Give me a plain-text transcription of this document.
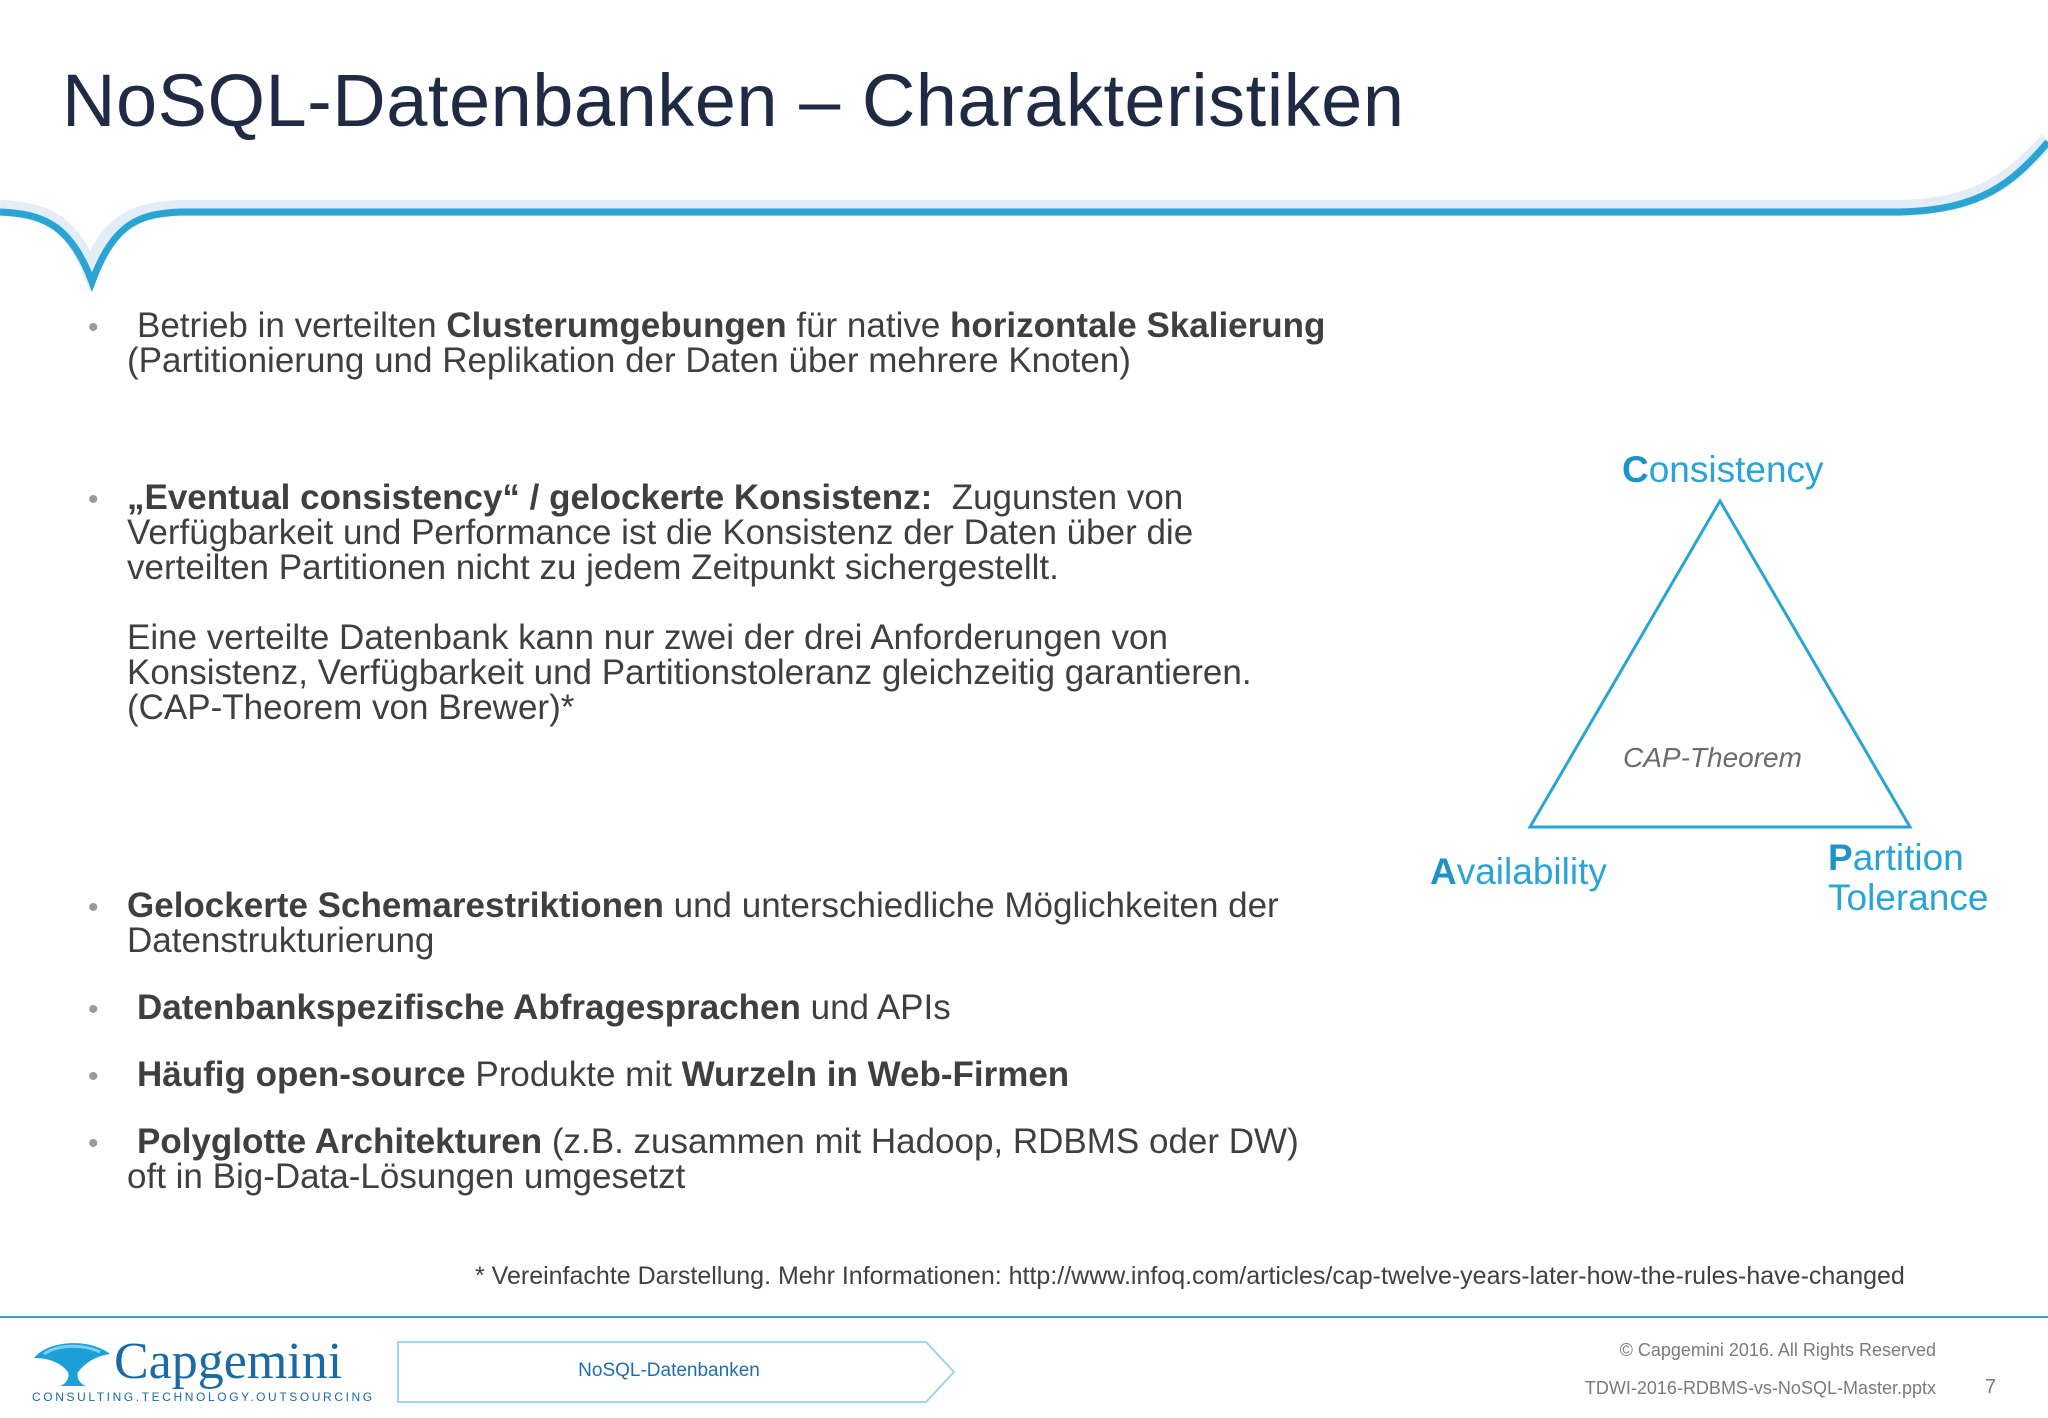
NoSQL-Datenbanken – Charakteristiken
• Betrieb in verteilten Clusterumgebungen für native horizontale Skalierung
(Partitionierung und Replikation der Daten über mehrere Knoten)
• „Eventual consistency“ / gelockerte Konsistenz:  Zugunsten von
Verfügbarkeit und Performance ist die Konsistenz der Daten über die
verteilten Partitionen nicht zu jedem Zeitpunkt sichergestellt.
Eine verteilte Datenbank kann nur zwei der drei Anforderungen von
Konsistenz, Verfügbarkeit und Partitionstoleranz gleichzeitig garantieren.
(CAP-Theorem von Brewer)*
• Gelockerte Schemarestriktionen und unterschiedliche Möglichkeiten der
Datenstrukturierung
• Datenbankspezifische Abfragesprachen und APIs
• Häufig open-source Produkte mit Wurzeln in Web-Firmen
• Polyglotte Architekturen (z.B. zusammen mit Hadoop, RDBMS oder DW)
oft in Big-Data-Lösungen umgesetzt
Consistency
Availability	Partition
Tolerance
CAP-Theorem
* Vereinfachte Darstellung. Mehr Informationen: http://www.infoq.com/articles/cap-twelve-years-later-how-the-rules-have-changed
Capgemini
CONSULTING.TECHNOLOGY.OUTSOURCING
NoSQL-Datenbanken
© Capgemini 2016. All Rights Reserved
TDWI-2016-RDBMS-vs-NoSQL-Master.pptx 7
